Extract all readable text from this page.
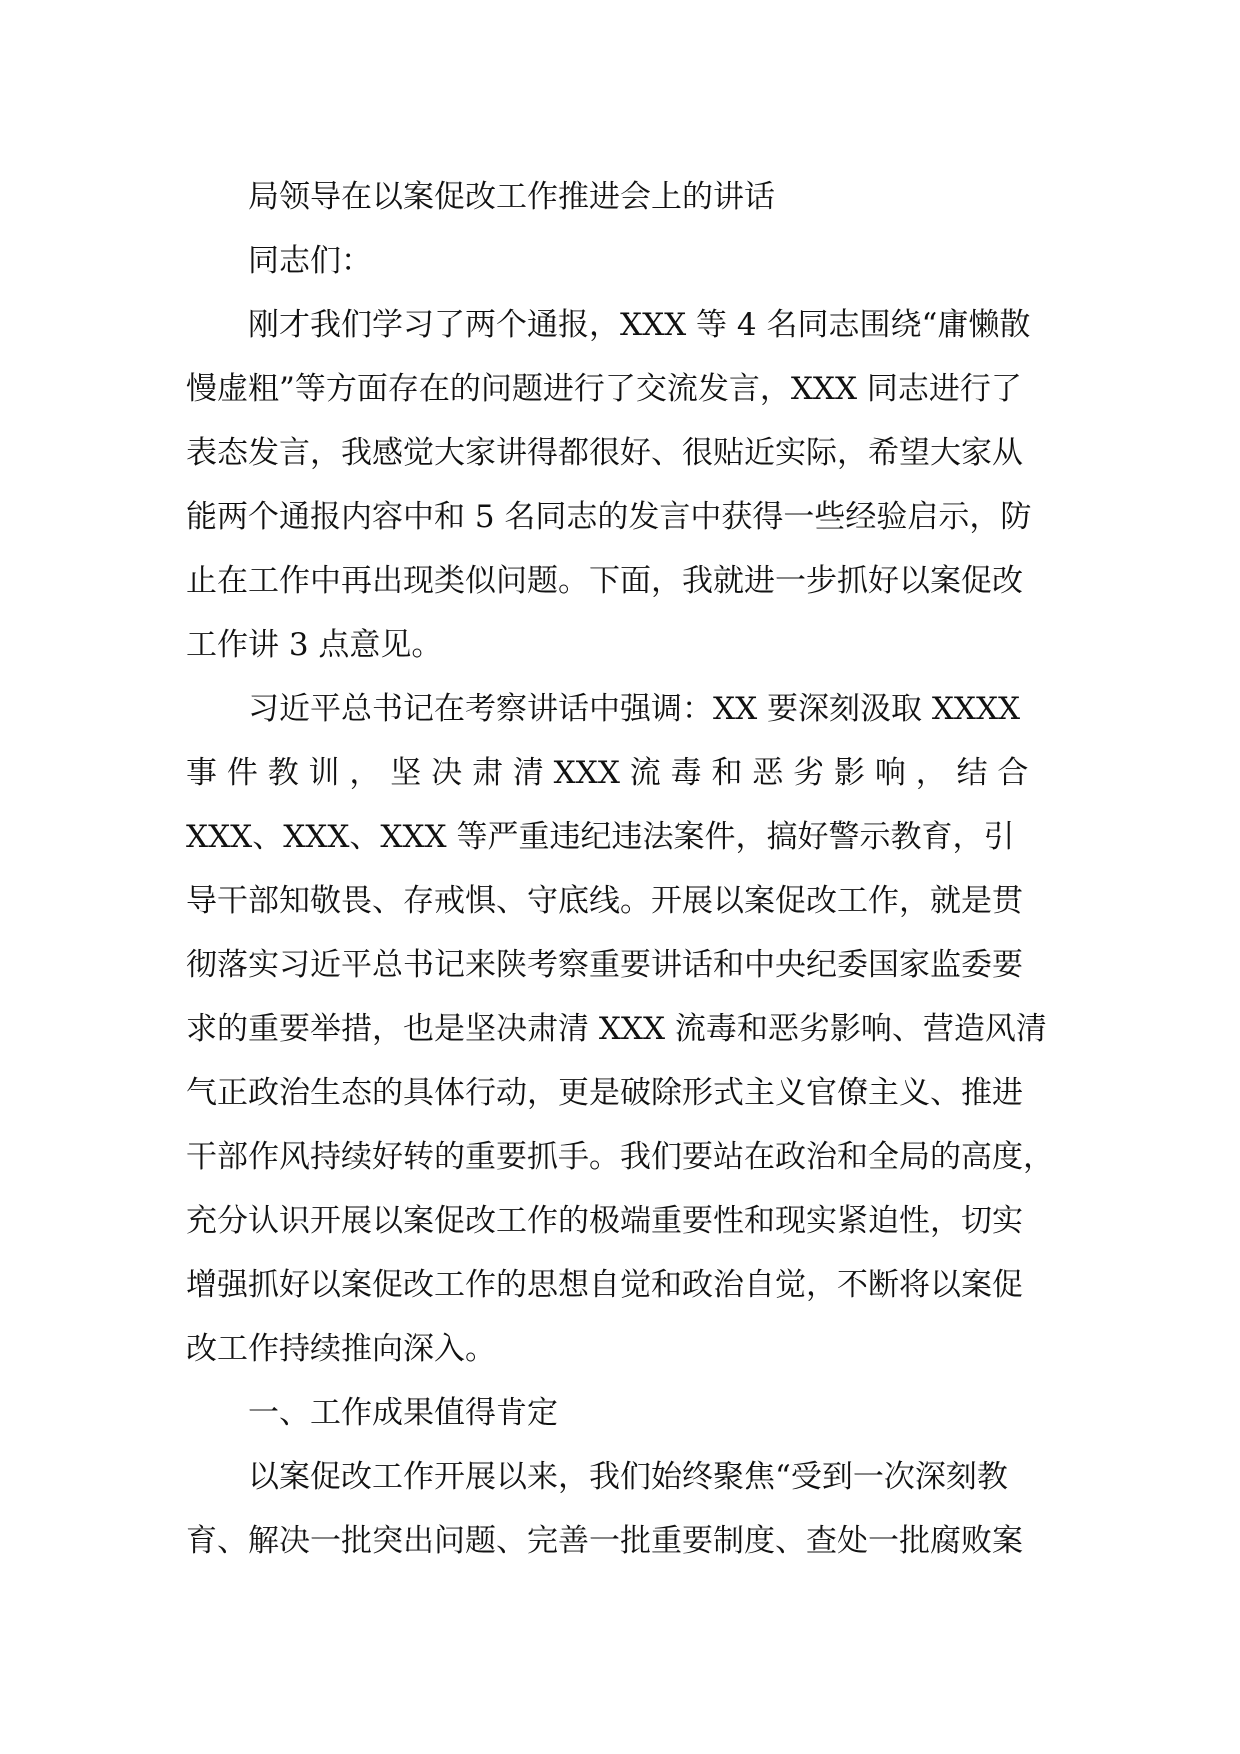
局领导在以案促改工作推进会上的讲话
同志们：
刚才我们学习了两个通报，XXX 等 4 名同志围绕“庸懒散
慢虚粗”等方面存在的问题进行了交流发言，XXX 同志进行了
表态发言，我感觉大家讲得都很好、很贴近实际，希望大家从
能两个通报内容中和 5 名同志的发言中获得一些经验启示，防
止在工作中再出现类似问题。下面，我就进一步抓好以案促改
工作讲 3 点意见。
习近平总书记在考察讲话中强调：XX 要深刻汲取 XXXX
事 件 教 训 ， 坚 决 肃 清 XXX 流 毒 和 恶 劣 影 响 ， 结 合
XXX、XXX、XXX 等严重违纪违法案件，搞好警示教育，引
导干部知敬畏、存戒惧、守底线。开展以案促改工作，就是贯
彻落实习近平总书记来陕考察重要讲话和中央纪委国家监委要
求的重要举措，也是坚决肃清 XXX 流毒和恶劣影响、营造风清
气正政治生态的具体行动，更是破除形式主义官僚主义、推进
干部作风持续好转的重要抓手。我们要站在政治和全局的高度，
充分认识开展以案促改工作的极端重要性和现实紧迫性，切实
增强抓好以案促改工作的思想自觉和政治自觉，不断将以案促
改工作持续推向深入。
一、工作成果值得肯定
以案促改工作开展以来，我们始终聚焦“受到一次深刻教
育、解决一批突出问题、完善一批重要制度、查处一批腐败案
